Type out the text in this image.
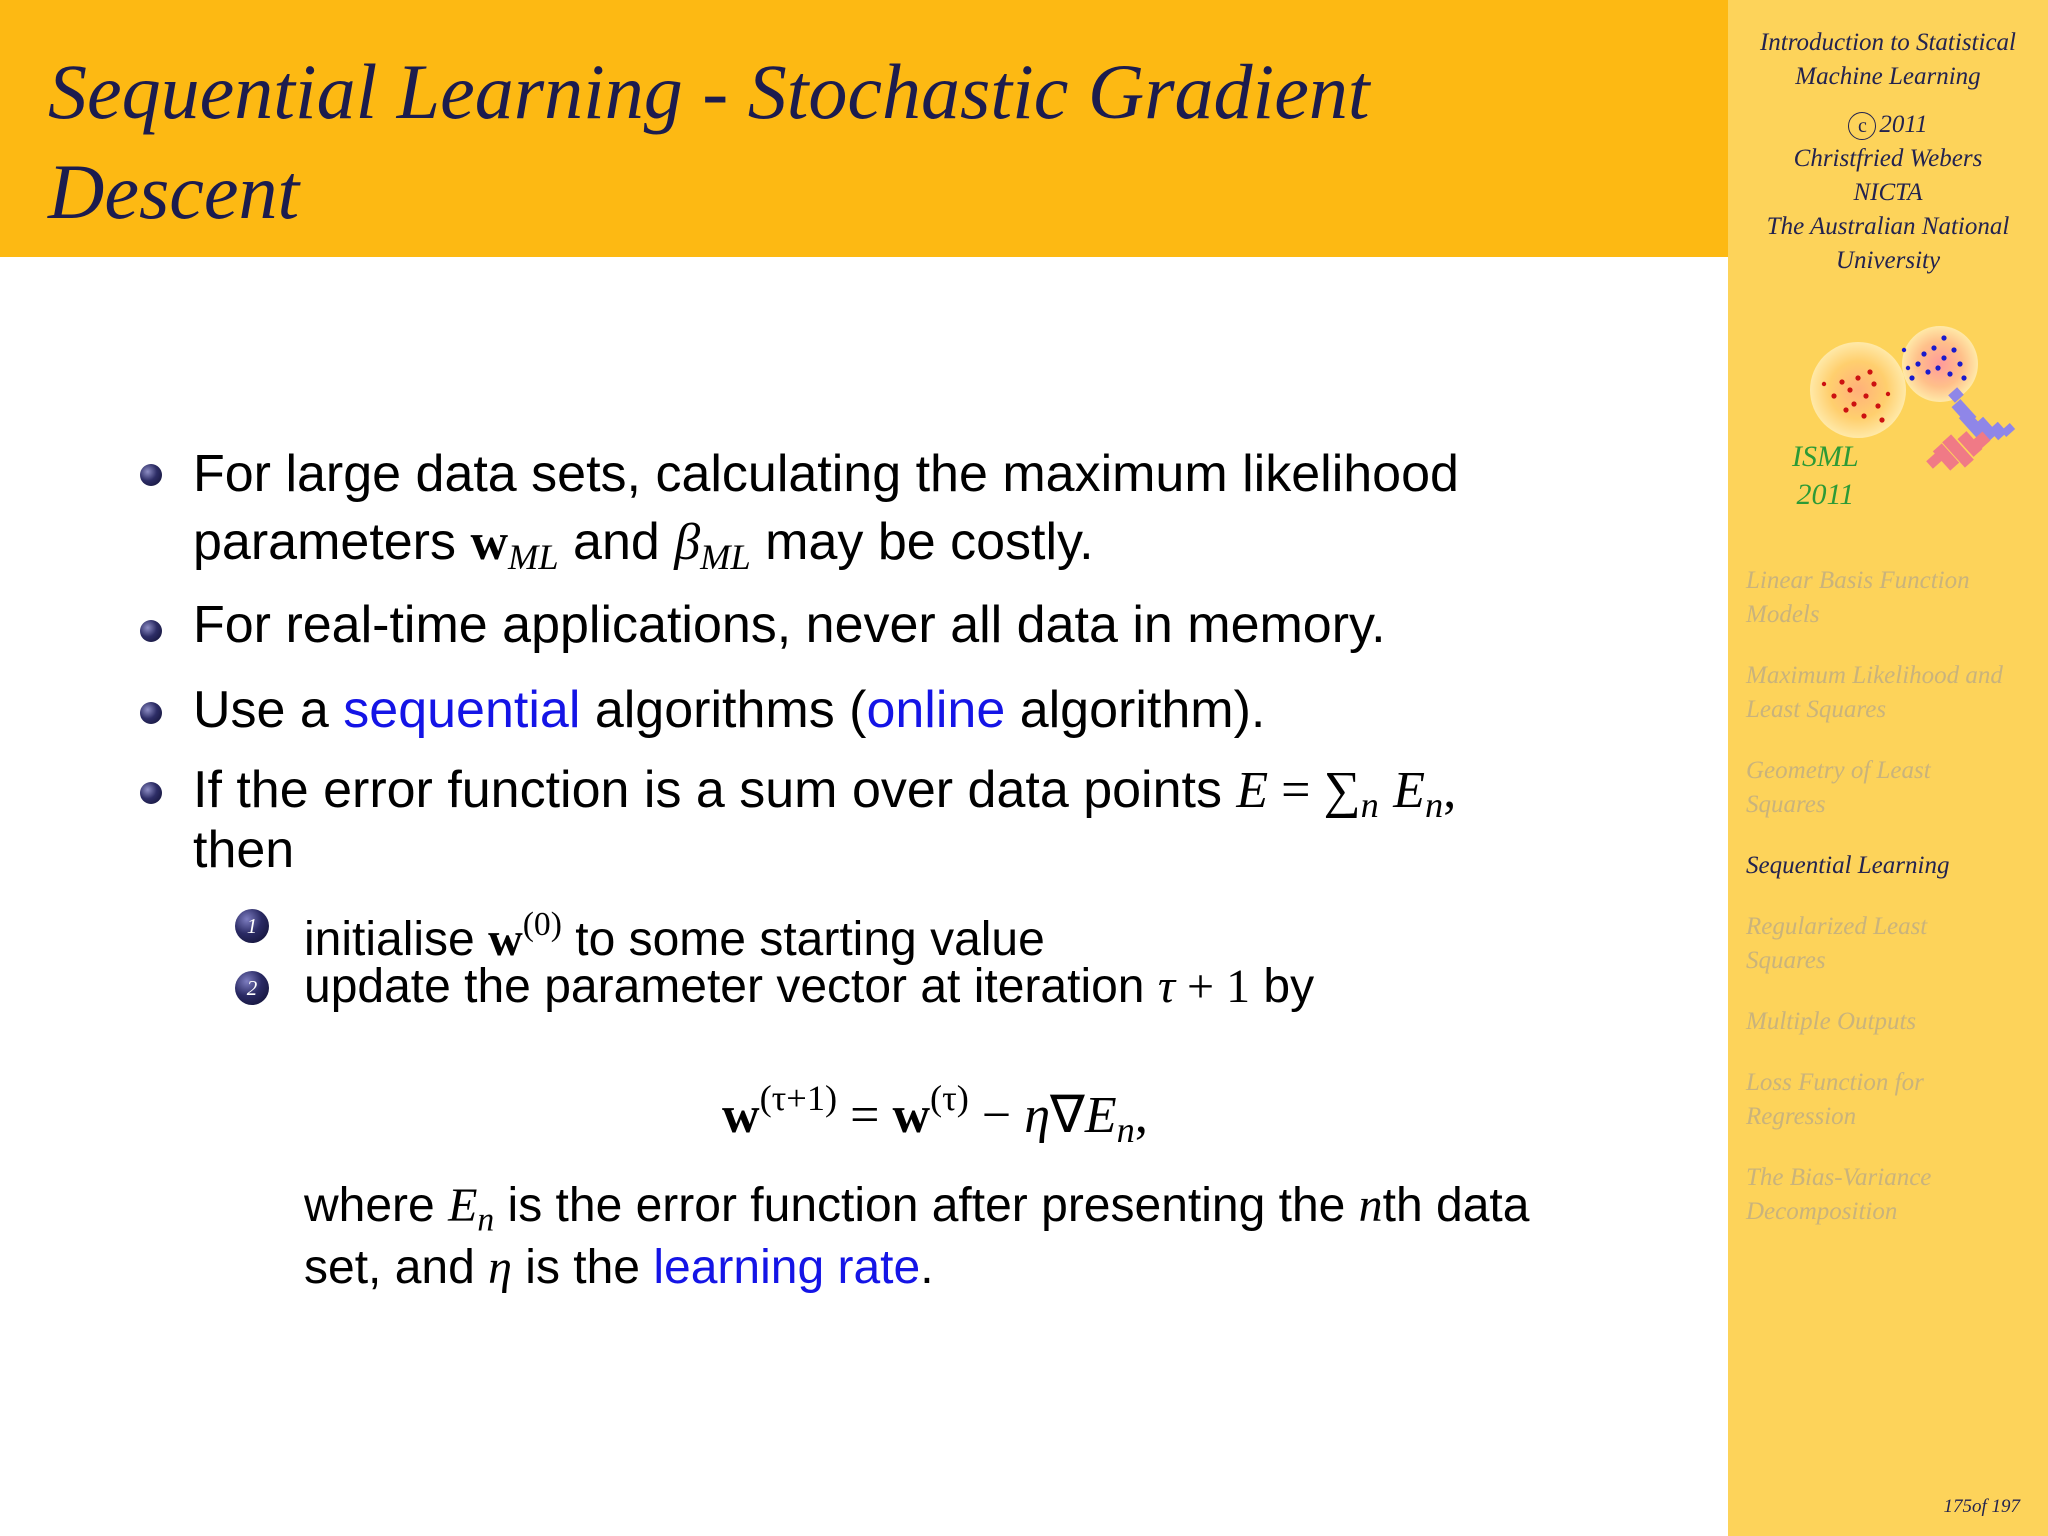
Sequential Learning - Stochastic Gradient
Descent
Introduction to Statistical
Machine Learning
c 2011
Christfried Webers
NICTA
The Australian National
University
ISML
2011
Linear Basis Function
Models
Maximum Likelihood and
Least Squares
Geometry of Least
Squares
Sequential Learning
Regularized Least
Squares
Multiple Outputs
Loss Function for
Regression
The Bias-Variance
Decomposition
175of 197
For large data sets, calculating the maximum likelihood
parameters $w_{ML}$ and $\beta_{ML}$ may be costly.
For real-time applications, never all data in memory.
Use a sequential algorithms (online algorithm).
If the error function is a sum over data points $E = \sum_n$ $E_n$,
then
1 initialise $w^{(0)}$ to some starting value
2 update the parameter vector at iteration τ + 1 by
$w^{(\tau+1)} = w^{(\tau)} - \eta\nabla E_n$,
where $E_n$ is the error function after presenting the nth data
set, and η is the learning rate.
